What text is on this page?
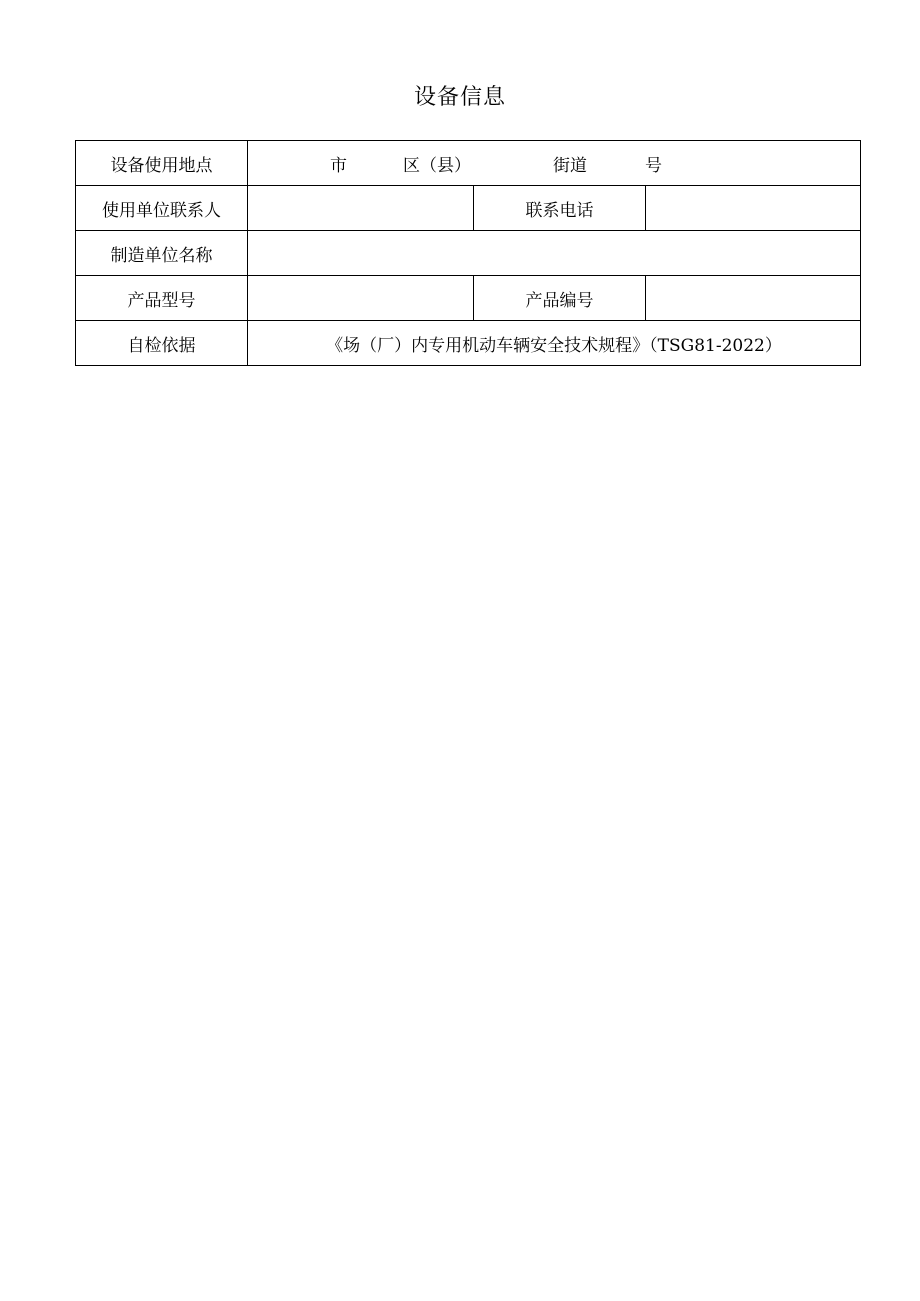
设备信息
设备使用地点	市 区（县） 街道 号		

使用单位联系人		联系电话	
制造单位名称			
产品型号		产品编号	
自检依据	《场（厂）内专用机动车辆安全技术规程》（TSG81-2022）		
